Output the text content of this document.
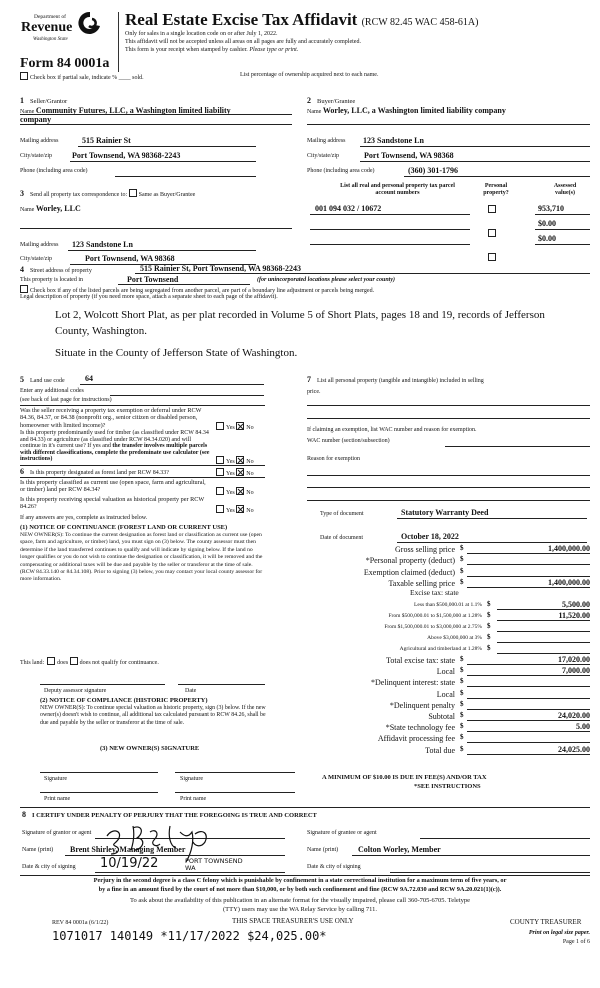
Department of
Revenue
Washington State
Real Estate Excise Tax Affidavit (RCW 82.45 WAC 458-61A)
Only for sales in a single location code on or after July 1, 2022.
This affidavit will not be accepted unless all areas on all pages are fully and accurately completed.
This form is your receipt when stamped by cashier. Please type or print.
Form 84 0001a
Check box if partial sale, indicate % ____ sold.	List percentage of ownership acquired next to each name.
1 Seller/Grantor
Name Community Futures, LLC, a Washington limited liability
company
Mailing address	515 Rainier St
City/state/zip	Port Townsend, WA 98368-2243
Phone (including area code)
2 Buyer/Grantee
Name Worley, LLC, a Washington limited liability company
Mailing address 123 Sandstone Ln
City/state/zip	Port Townsend, WA 98368
Phone (including area code)	(360) 301-1796
3 Send all property tax correspondence to: Same as Buyer/Grantee
Name Worley, LLC
Mailing address 123 Sandstone Ln
City/state/zip	Port Townsend, WA 98368
List all real and personal property tax parcel account numbers
Personal property?
Assessed value(s)
001 094 032 / 10672	953,710
$0.00
$0.00
4 Street address of property	515 Rainier St, Port Townsend, WA 98368-2243
This property is located in	Port Townsend	(for unincorporated locations please select your county)
Check box if any of the listed parcels are being segregated from another parcel, are part of a boundary line adjustment or parcels being merged.
Legal description of property (if you need more space, attach a separate sheet to each page of the affidavit).
Lot 2, Wolcott Short Plat, as per plat recorded in Volume 5 of Short Plats, pages 18 and 19, records of Jefferson
County, Washington.
Situate in the County of Jefferson State of Washington.
5 Land use code	64
Enter any additional codes
(see back of last page for instructions)
Was the seller receiving a property tax exemption or deferral under RCW 84.36, 84.37, or 84.38 (nonprofit org., senior citizen or disabled person, homeowner with limited income)?	Yes No
Is this property predominantly used for timber (as classified under RCW 84.34 and 84.33) or agriculture (as classified under RCW 84.34.020) and will continue in it's current use? If yes and the transfer involves multiple parcels with different classifications, complete the predominate use calculator (see instructions)	Yes No
6 Is this property designated as forest land per RCW 84.33?	Yes No
Is this property classified as current use (open space, farm and agricultural, or timber) land per RCW 84.34?	Yes No
Is this property receiving special valuation as historical property per RCW 84.26?
Yes No
If any answers are yes, complete as instructed below.
(1) NOTICE OF CONTINUANCE (FOREST LAND OR CURRENT USE)
NEW OWNER(S): To continue the current designation as forest land or classification as current use (open space, farm and agriculture, or timber) land, you must sign on (3) below. The county assessor must then determine if the land transferred continues to qualify and will indicate by signing below. If the land no longer qualifies or you do not wish to continue the designation or classification, it will be removed and the compensating or additional taxes will be due and payable by the seller or transferor at the time of sale. (RCW 84.33.140 or 84.34.108). Prior to signing (3) below, you may contact your local county assessor for more information.
This land: does does not qualify for continuance.
Deputy assessor signature	Date
(2) NOTICE OF COMPLIANCE (HISTORIC PROPERTY)
NEW OWNER(S): To continue special valuation as historic property, sign (3) below. If the new owner(s) doesn't wish to continue, all additional tax calculated pursuant to RCW 84.26, shall be due and payable by the seller or transferor at the time of sale.
(3) NEW OWNER(S) SIGNATURE
Signature	Signature
Print name	Print name
7 List all personal property (tangible and intangible) included in selling
price.
If claiming an exemption, list WAC number and reason for exemption.
WAC number (section/subsection)
Reason for exemption
Type of document	Statutory Warranty Deed
Date of document	October 18, 2022
Gross selling price $	1,400,000.00
*Personal property (deduct) $
Exemption claimed (deduct) $
Taxable selling price $	1,400,000.00
Less than $500,000.01 at 1.1% $	5,500.00
From $500,000.01 to $1,500,000 at 1.28% $	11,520.00
From $1,500,000.01 to $3,000,000 at 2.75% $
Above $3,000,000 at 3% $
Agricultural and timberland at 1.28% $
Total excise tax: state $	17,020.00
Local $	7,000.00
*Delinquent interest: state $
Local $
*Delinquent penalty $
Subtotal $	24,020.00
*State technology fee $	5.00
Affidavit processing fee $
Total due $	24,025.00
Excise tax: state
A MINIMUM OF $10.00 IS DUE IN FEE(S) AND/OR TAX
*SEE INSTRUCTIONS
8 I CERTIFY UNDER PENALTY OF PERJURY THAT THE FOREGOING IS TRUE AND CORRECT
Signature of grantor or agent
Name (print) Brent Shirley, Managing Member
Date & city of signing 10/19/22	PORT TOWNSEND WA
Signature of grantee or agent
Name (print) Colton Worley, Member
Date & city of signing
Perjury in the second degree is a class C felony which is punishable by confinement in a state correctional institution for a maximum term of five years, or
by a fine in an amount fixed by the court of not more than $10,000, or by both such confinement and fine (RCW 9A.72.030 and RCW 9A.20.021(1)(c)).
To ask about the availability of this publication in an alternate format for the visually impaired, please call 360-705-6705. Teletype
(TTY) users may use the WA Relay Service by calling 711.
REV 84 0001a (6/1/22)	THIS SPACE TREASURER'S USE ONLY
1071017 140149 *11/17/2022 $24,025.00*
COUNTY TREASURER
Print on legal size paper.
Page 1 of 6
